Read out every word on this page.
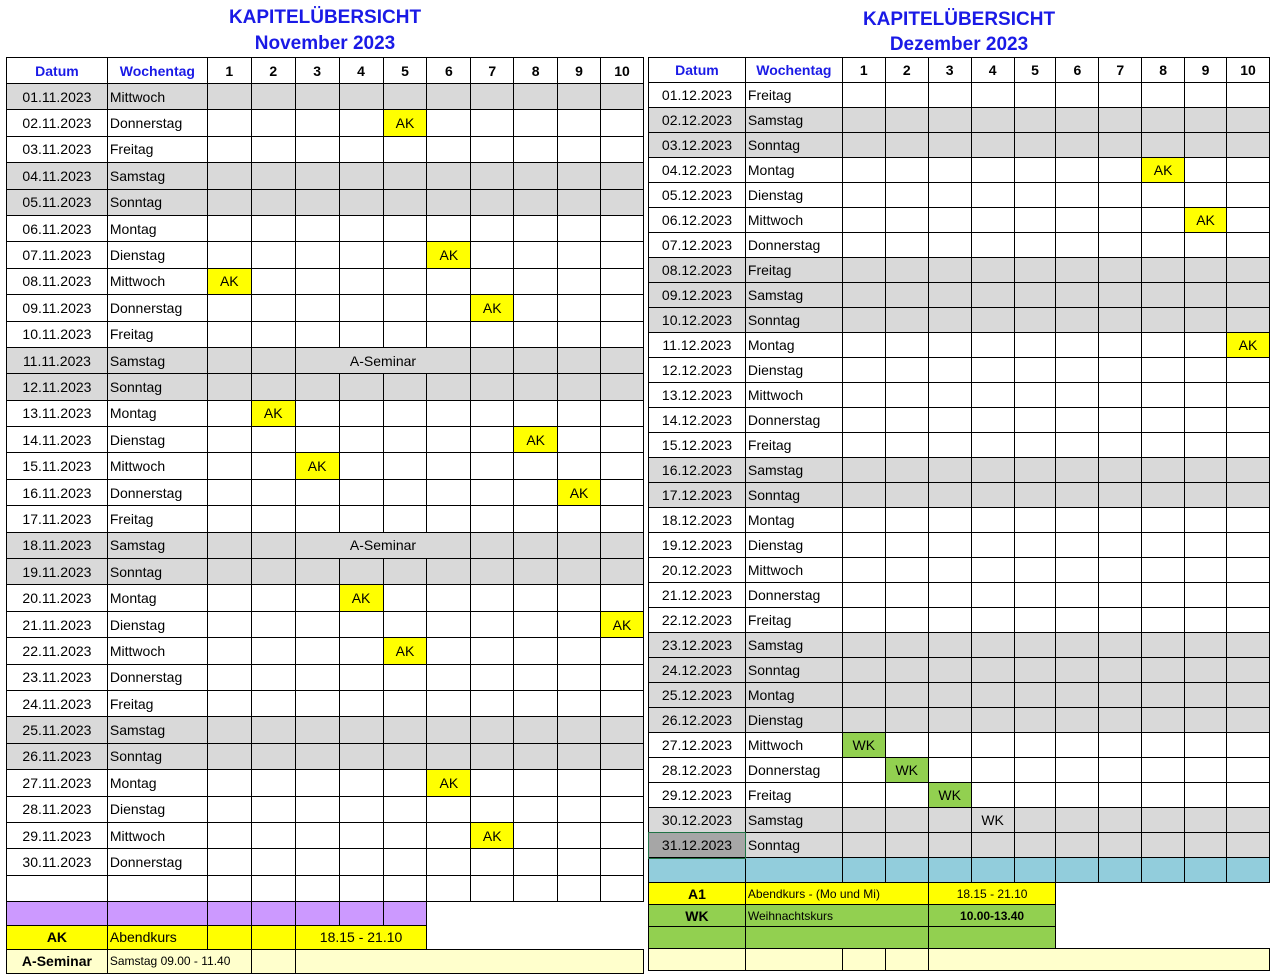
KAPITELÜBERSICHT
November 2023
Datum	Wochentag	1	2	3	4	5	6	7	8	9	10
01.11.2023	Mittwoch										
02.11.2023	Donnerstag					AK					
03.11.2023	Freitag										
04.11.2023	Samstag										
05.11.2023	Sonntag										
06.11.2023	Montag										
07.11.2023	Dienstag						AK				
08.11.2023	Mittwoch	AK									
09.11.2023	Donnerstag							AK			
10.11.2023	Freitag										
11.11.2023	Samstag			A-Seminar							
12.11.2023	Sonntag										
13.11.2023	Montag		AK								
14.11.2023	Dienstag								AK		
15.11.2023	Mittwoch			AK							
16.11.2023	Donnerstag									AK	
17.11.2023	Freitag										
18.11.2023	Samstag			A-Seminar							
19.11.2023	Sonntag										
20.11.2023	Montag				AK						
21.11.2023	Dienstag										AK
22.11.2023	Mittwoch					AK					
23.11.2023	Donnerstag										
24.11.2023	Freitag										
25.11.2023	Samstag										
26.11.2023	Sonntag										
27.11.2023	Montag						AK				
28.11.2023	Dienstag										
29.11.2023	Mittwoch							AK			
30.11.2023	Donnerstag										

AK	Abendkurs			18.15 - 21.10							
A-Seminar	Samstag 09.00 - 11.40										
KAPITELÜBERSICHT
Dezember 2023
Datum	Wochentag	1	2	3	4	5	6	7	8	9	10
01.12.2023	Freitag										
02.12.2023	Samstag										
03.12.2023	Sonntag										
04.12.2023	Montag								AK		
05.12.2023	Dienstag										
06.12.2023	Mittwoch									AK	
07.12.2023	Donnerstag										
08.12.2023	Freitag										
09.12.2023	Samstag										
10.12.2023	Sonntag										
11.12.2023	Montag										AK
12.12.2023	Dienstag										
13.12.2023	Mittwoch										
14.12.2023	Donnerstag										
15.12.2023	Freitag										
16.12.2023	Samstag										
17.12.2023	Sonntag										
18.12.2023	Montag										
19.12.2023	Dienstag										
20.12.2023	Mittwoch										
21.12.2023	Donnerstag										
22.12.2023	Freitag										
23.12.2023	Samstag										
24.12.2023	Sonntag										
25.12.2023	Montag										
26.12.2023	Dienstag										
27.12.2023	Mittwoch	WK									
28.12.2023	Donnerstag		WK								
29.12.2023	Freitag			WK							
30.12.2023	Samstag				WK						
31.12.2023	Sonntag										

A1	Abendkurs - (Mo und Mi)			18.15 - 21.10							
WK	Weihnachtskurs			10.00-13.40							
